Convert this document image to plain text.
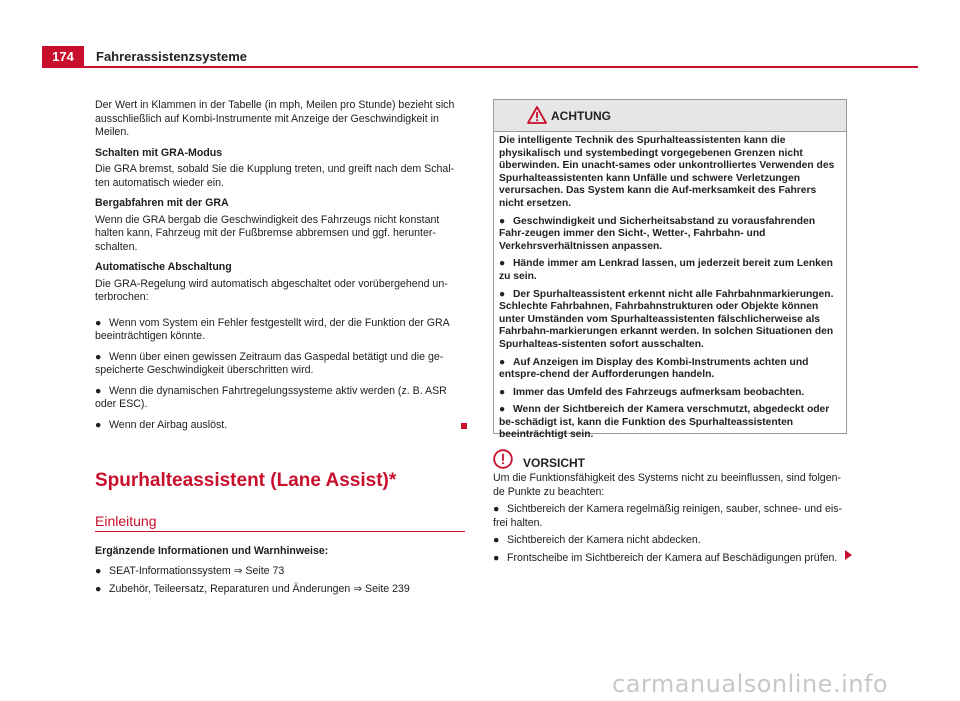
174	Fahrerassistenzsysteme

Der Wert in Klammen in der Tabelle (in mph, Meilen pro Stunde) bezieht sich ausschließlich auf Kombi-Instrumente mit Anzeige der Geschwindigkeit in Meilen.

Schalten mit GRA-Modus

Die GRA bremst, sobald Sie die Kupplung treten, und greift nach dem Schal-ten automatisch wieder ein.

Bergabfahren mit der GRA

Wenn die GRA bergab die Geschwindigkeit des Fahrzeugs nicht konstant halten kann, Fahrzeug mit der Fußbremse abbremsen und ggf. herunter-schalten.

Automatische Abschaltung

Die GRA-Regelung wird automatisch abgeschaltet oder vorübergehend un-terbrochen:

● Wenn vom System ein Fehler festgestellt wird, der die Funktion der GRA beeinträchtigen könnte.

● Wenn über einen gewissen Zeitraum das Gaspedal betätigt und die ge-speicherte Geschwindigkeit überschritten wird.

● Wenn die dynamischen Fahrtregelungssysteme aktiv werden (z. B. ASR oder ESC).

● Wenn der Airbag auslöst.

Spurhalteassistent (Lane Assist)*
Einleitung

Ergänzende Informationen und Warnhinweise:

● SEAT-Informationssystem ⇒ Seite 73

● Zubehör, Teileersatz, Reparaturen und Änderungen ⇒ Seite 239

ACHTUNG

Die intelligente Technik des Spurhalteassistenten kann die physikalisch und systembedingt vorgegebenen Grenzen nicht überwinden. Ein unacht-sames oder unkontrolliertes Verwenden des Spurhalteassistenten kann Unfälle und schwere Verletzungen verursachen. Das System kann die Auf-merksamkeit des Fahrers nicht ersetzen.

● Geschwindigkeit und Sicherheitsabstand zu vorausfahrenden Fahr-zeugen immer den Sicht-, Wetter-, Fahrbahn- und Verkehrsverhältnissen anpassen.

● Hände immer am Lenkrad lassen, um jederzeit bereit zum Lenken zu sein.

● Der Spurhalteassistent erkennt nicht alle Fahrbahnmarkierungen. Schlechte Fahrbahnen, Fahrbahnstrukturen oder Objekte können unter Umständen vom Spurhalteassistenten fälschlicherweise als Fahrbahn-markierungen erkannt werden. In solchen Situationen den Spurhalteas-sistenten sofort ausschalten.

● Auf Anzeigen im Display des Kombi-Instruments achten und entspre-chend der Aufforderungen handeln.

● Immer das Umfeld des Fahrzeugs aufmerksam beobachten.

● Wenn der Sichtbereich der Kamera verschmutzt, abgedeckt oder be-schädigt ist, kann die Funktion des Spurhalteassistenten beeinträchtigt sein.

VORSICHT

Um die Funktionsfähigkeit des Systems nicht zu beeinflussen, sind folgen-de Punkte zu beachten:

● Sichtbereich der Kamera regelmäßig reinigen, sauber, schnee- und eis-frei halten.

● Sichtbereich der Kamera nicht abdecken.

● Frontscheibe im Sichtbereich der Kamera auf Beschädigungen prüfen.

carmanualsonline.info
